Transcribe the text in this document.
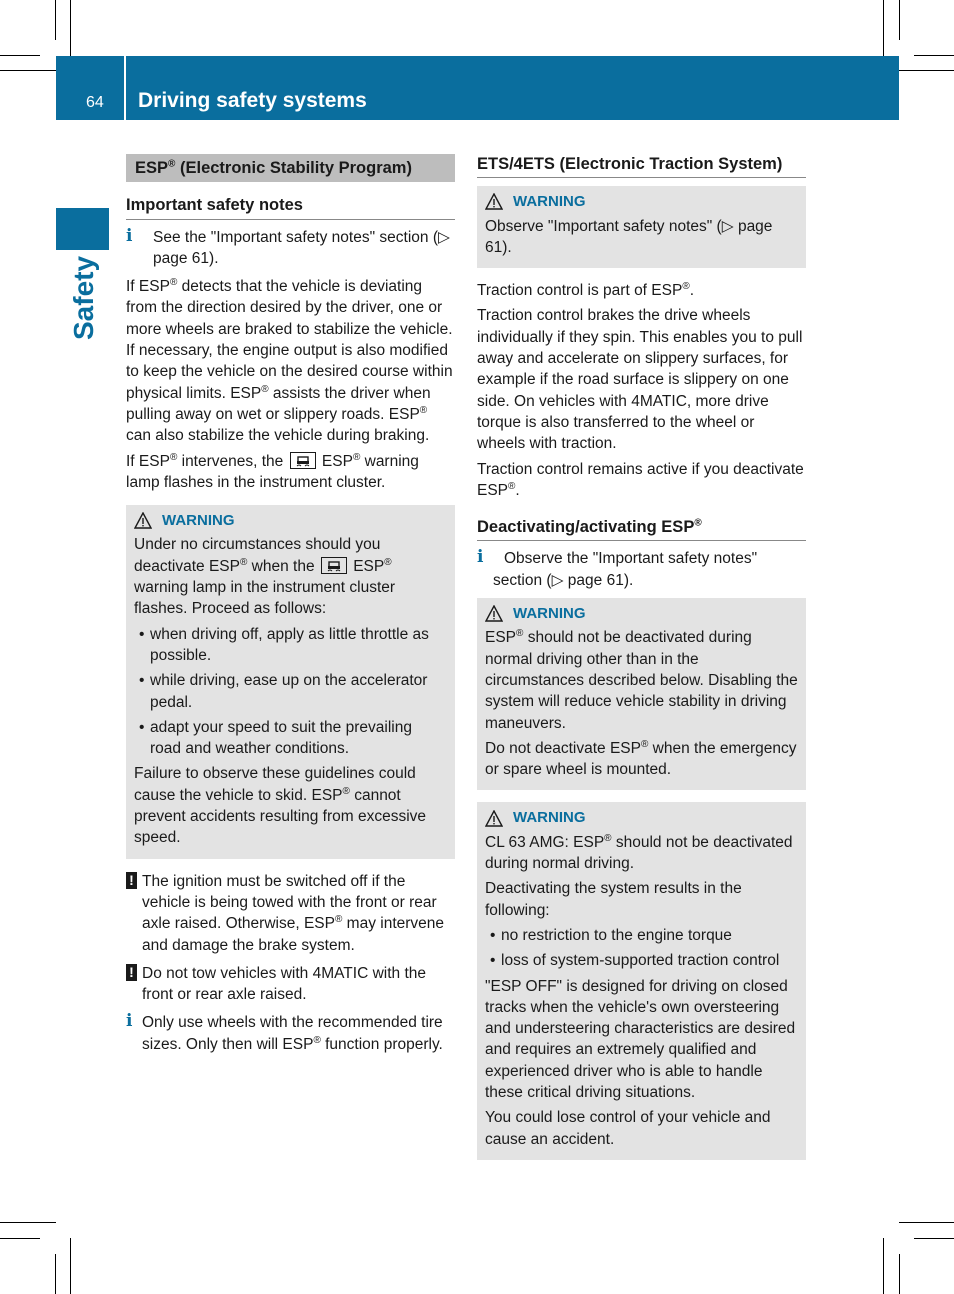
64 Driving safety systems
Safety
ESP® (Electronic Stability Program)
Important safety notes
i	See the "Important safety notes" section (▷ page 61).

If ESP® detects that the vehicle is deviating from the direction desired by the driver, one or more wheels are braked to stabilize the vehicle. If necessary, the engine output is also modified to keep the vehicle on the desired course within physical limits. ESP® assists the driver when pulling away on wet or slippery roads. ESP® can also stabilize the vehicle during braking.

If ESP® intervenes, the ESP® warning lamp flashes in the instrument cluster.

WARNING

Under no circumstances should you deactivate ESP® when the ESP® warning lamp in the instrument cluster flashes. Proceed as follows:

• when driving off, apply as little throttle as possible.
• while driving, ease up on the accelerator pedal.
• adapt your speed to suit the prevailing road and weather conditions.

Failure to observe these guidelines could cause the vehicle to skid. ESP® cannot prevent accidents resulting from excessive speed.

! The ignition must be switched off if the vehicle is being towed with the front or rear axle raised. Otherwise, ESP® may intervene and damage the brake system.
! Do not tow vehicles with 4MATIC with the front or rear axle raised.
i Only use wheels with the recommended tire sizes. Only then will ESP® function properly.
ETS/4ETS (Electronic Traction System)
WARNING

Observe "Important safety notes" (▷ page 61).

Traction control is part of ESP®.

Traction control brakes the drive wheels individually if they spin. This enables you to pull away and accelerate on slippery surfaces, for example if the road surface is slippery on one side. On vehicles with 4MATIC, more drive torque is also transferred to the wheel or wheels with traction.

Traction control remains active if you deactivate ESP®.

Deactivating/activating ESP®
i	Observe the "Important safety notes" section (▷ page 61).
WARNING

ESP® should not be deactivated during normal driving other than in the circumstances described below. Disabling the system will reduce vehicle stability in driving maneuvers.

Do not deactivate ESP® when the emergency or spare wheel is mounted.

WARNING

CL 63 AMG: ESP® should not be deactivated during normal driving.

Deactivating the system results in the following:

• no restriction to the engine torque
• loss of system-supported traction control

"ESP OFF" is designed for driving on closed tracks when the vehicle's own oversteering and understeering characteristics are desired and requires an extremely qualified and experienced driver who is able to handle these critical driving situations.

You could lose control of your vehicle and cause an accident.
